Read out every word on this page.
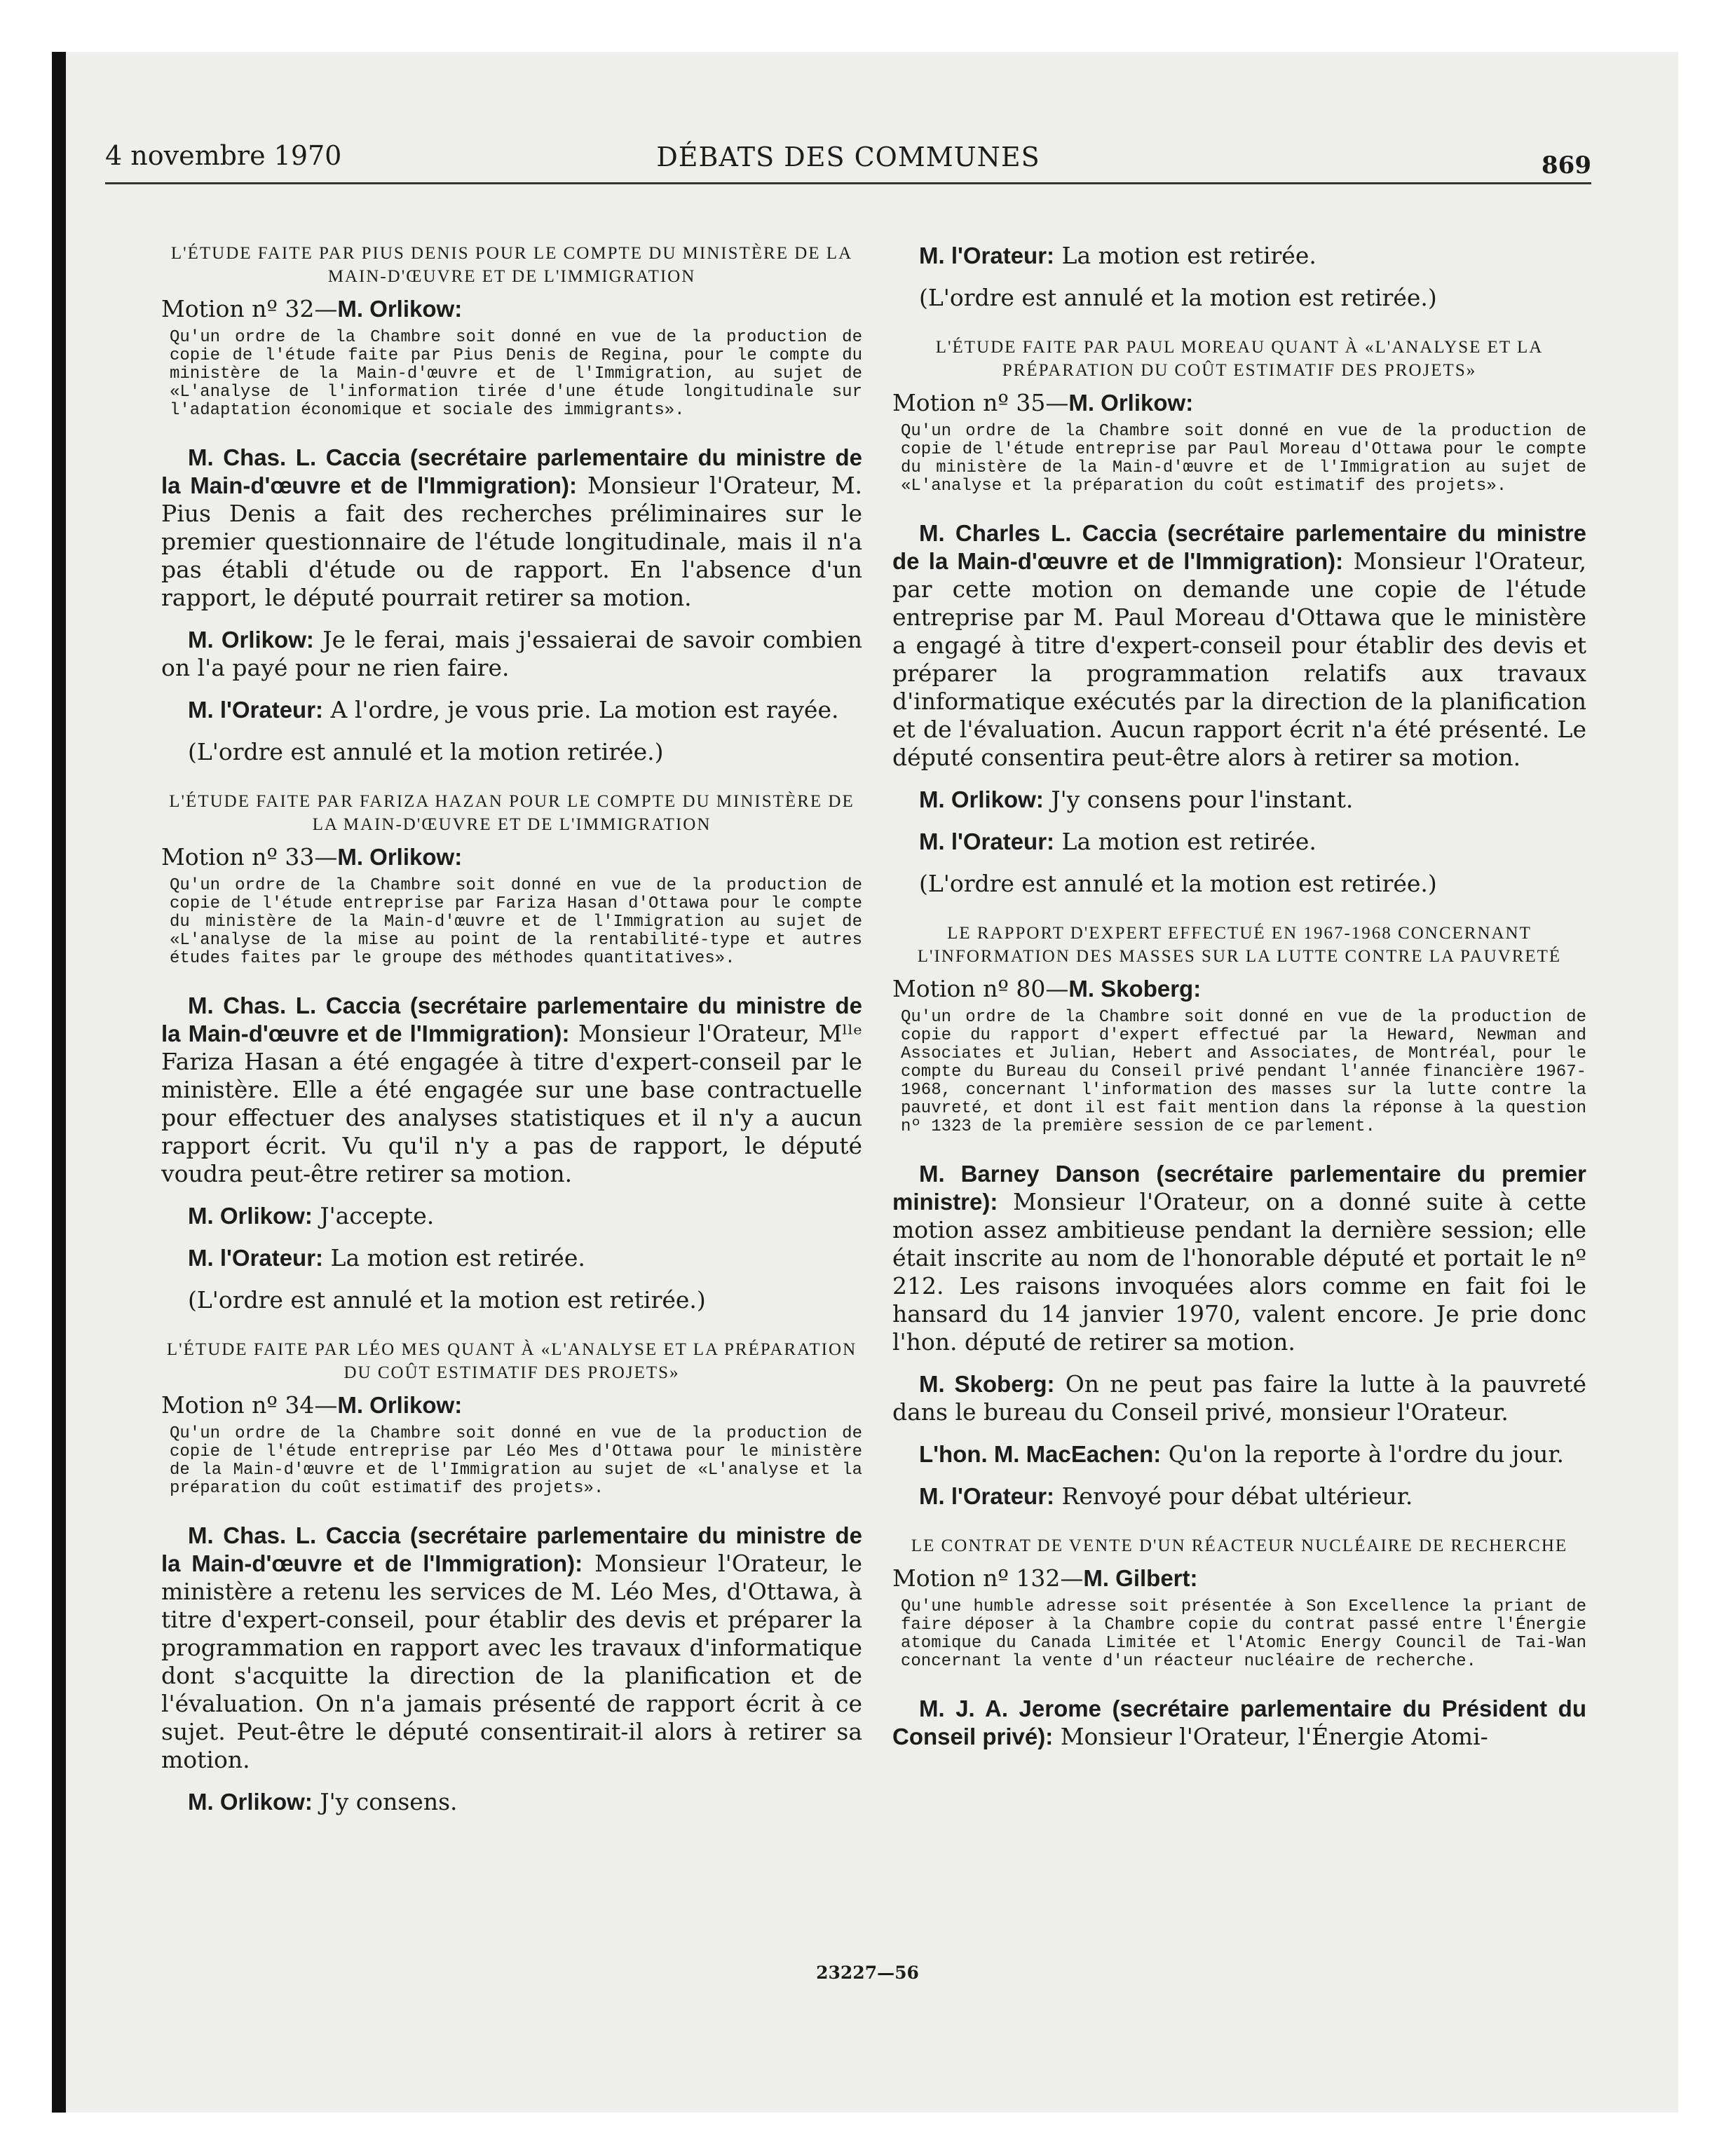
4 novembre 1970	DÉBATS DES COMMUNES	869
L'ÉTUDE FAITE PAR PIUS DENIS POUR LE COMPTE DU MINISTÈRE DE LA MAIN-D'ŒUVRE ET DE L'IMMIGRATION
Motion nº 32—M. Orlikow:
Qu'un ordre de la Chambre soit donné en vue de la production de copie de l'étude faite par Pius Denis de Regina, pour le compte du ministère de la Main-d'œuvre et de l'Immigration, au sujet de «L'analyse de l'information tirée d'une étude longitudinale sur l'adaptation économique et sociale des immigrants».

M. Chas. L. Caccia (secrétaire parlementaire du ministre de la Main-d'œuvre et de l'Immigration): Monsieur l'Orateur, M. Pius Denis a fait des recherches préliminaires sur le premier questionnaire de l'étude longitudinale, mais il n'a pas établi d'étude ou de rapport. En l'absence d'un rapport, le député pourrait retirer sa motion.

M. Orlikow: Je le ferai, mais j'essaierai de savoir combien on l'a payé pour ne rien faire.

M. l'Orateur: A l'ordre, je vous prie. La motion est rayée.

(L'ordre est annulé et la motion retirée.)
L'ÉTUDE FAITE PAR FARIZA HAZAN POUR LE COMPTE DU MINISTÈRE DE LA MAIN-D'ŒUVRE ET DE L'IMMIGRATION
Motion nº 33—M. Orlikow:
Qu'un ordre de la Chambre soit donné en vue de la production de copie de l'étude entreprise par Fariza Hasan d'Ottawa pour le compte du ministère de la Main-d'œuvre et de l'Immigration au sujet de «L'analyse de la mise au point de la rentabilité-type et autres études faites par le groupe des méthodes quantitatives».

M. Chas. L. Caccia (secrétaire parlementaire du ministre de la Main-d'œuvre et de l'Immigration): Monsieur l'Orateur, Mˡˡᵉ Fariza Hasan a été engagée à titre d'expert-conseil par le ministère. Elle a été engagée sur une base contractuelle pour effectuer des analyses statistiques et il n'y a aucun rapport écrit. Vu qu'il n'y a pas de rapport, le député voudra peut-être retirer sa motion.

M. Orlikow: J'accepte.

M. l'Orateur: La motion est retirée.

(L'ordre est annulé et la motion est retirée.)
L'ÉTUDE FAITE PAR LÉO MES QUANT À «L'ANALYSE ET LA PRÉPARATION DU COÛT ESTIMATIF DES PROJETS»
Motion nº 34—M. Orlikow:
Qu'un ordre de la Chambre soit donné en vue de la production de copie de l'étude entreprise par Léo Mes d'Ottawa pour le ministère de la Main-d'œuvre et de l'Immigration au sujet de «L'analyse et la préparation du coût estimatif des projets».

M. Chas. L. Caccia (secrétaire parlementaire du ministre de la Main-d'œuvre et de l'Immigration): Monsieur l'Orateur, le ministère a retenu les services de M. Léo Mes, d'Ottawa, à titre d'expert-conseil, pour établir des devis et préparer la programmation en rapport avec les travaux d'informatique dont s'acquitte la direction de la planification et de l'évaluation. On n'a jamais présenté de rapport écrit à ce sujet. Peut-être le député consentirait-il alors à retirer sa motion.

M. Orlikow: J'y consens.

M. l'Orateur: La motion est retirée.

(L'ordre est annulé et la motion est retirée.)
L'ÉTUDE FAITE PAR PAUL MOREAU QUANT À «L'ANALYSE ET LA PRÉPARATION DU COÛT ESTIMATIF DES PROJETS»
Motion nº 35—M. Orlikow:
Qu'un ordre de la Chambre soit donné en vue de la production de copie de l'étude entreprise par Paul Moreau d'Ottawa pour le compte du ministère de la Main-d'œuvre et de l'Immigration au sujet de «L'analyse et la préparation du coût estimatif des projets».

M. Charles L. Caccia (secrétaire parlementaire du ministre de la Main-d'œuvre et de l'Immigration): Monsieur l'Orateur, par cette motion on demande une copie de l'étude entreprise par M. Paul Moreau d'Ottawa que le ministère a engagé à titre d'expert-conseil pour établir des devis et préparer la programmation relatifs aux travaux d'informatique exécutés par la direction de la planification et de l'évaluation. Aucun rapport écrit n'a été présenté. Le député consentira peut-être alors à retirer sa motion.

M. Orlikow: J'y consens pour l'instant.

M. l'Orateur: La motion est retirée.

(L'ordre est annulé et la motion est retirée.)
LE RAPPORT D'EXPERT EFFECTUÉ EN 1967-1968 CONCERNANT L'INFORMATION DES MASSES SUR LA LUTTE CONTRE LA PAUVRETÉ
Motion nº 80—M. Skoberg:
Qu'un ordre de la Chambre soit donné en vue de la production de copie du rapport d'expert effectué par la Heward, Newman and Associates et Julian, Hebert and Associates, de Montréal, pour le compte du Bureau du Conseil privé pendant l'année financière 1967-1968, concernant l'information des masses sur la lutte contre la pauvreté, et dont il est fait mention dans la réponse à la question nº 1323 de la première session de ce parlement.

M. Barney Danson (secrétaire parlementaire du premier ministre): Monsieur l'Orateur, on a donné suite à cette motion assez ambitieuse pendant la dernière session; elle était inscrite au nom de l'honorable député et portait le nº 212. Les raisons invoquées alors comme en fait foi le hansard du 14 janvier 1970, valent encore. Je prie donc l'hon. député de retirer sa motion.

M. Skoberg: On ne peut pas faire la lutte à la pauvreté dans le bureau du Conseil privé, monsieur l'Orateur.

L'hon. M. MacEachen: Qu'on la reporte à l'ordre du jour.

M. l'Orateur: Renvoyé pour débat ultérieur.

LE CONTRAT DE VENTE D'UN RÉACTEUR NUCLÉAIRE DE RECHERCHE
Motion nº 132—M. Gilbert:
Qu'une humble adresse soit présentée à Son Excellence la priant de faire déposer à la Chambre copie du contrat passé entre l'Énergie atomique du Canada Limitée et l'Atomic Energy Council de Tai-Wan concernant la vente d'un réacteur nucléaire de recherche.

M. J. A. Jerome (secrétaire parlementaire du Président du Conseil privé): Monsieur l'Orateur, l'Énergie Atomi-

23227—56
